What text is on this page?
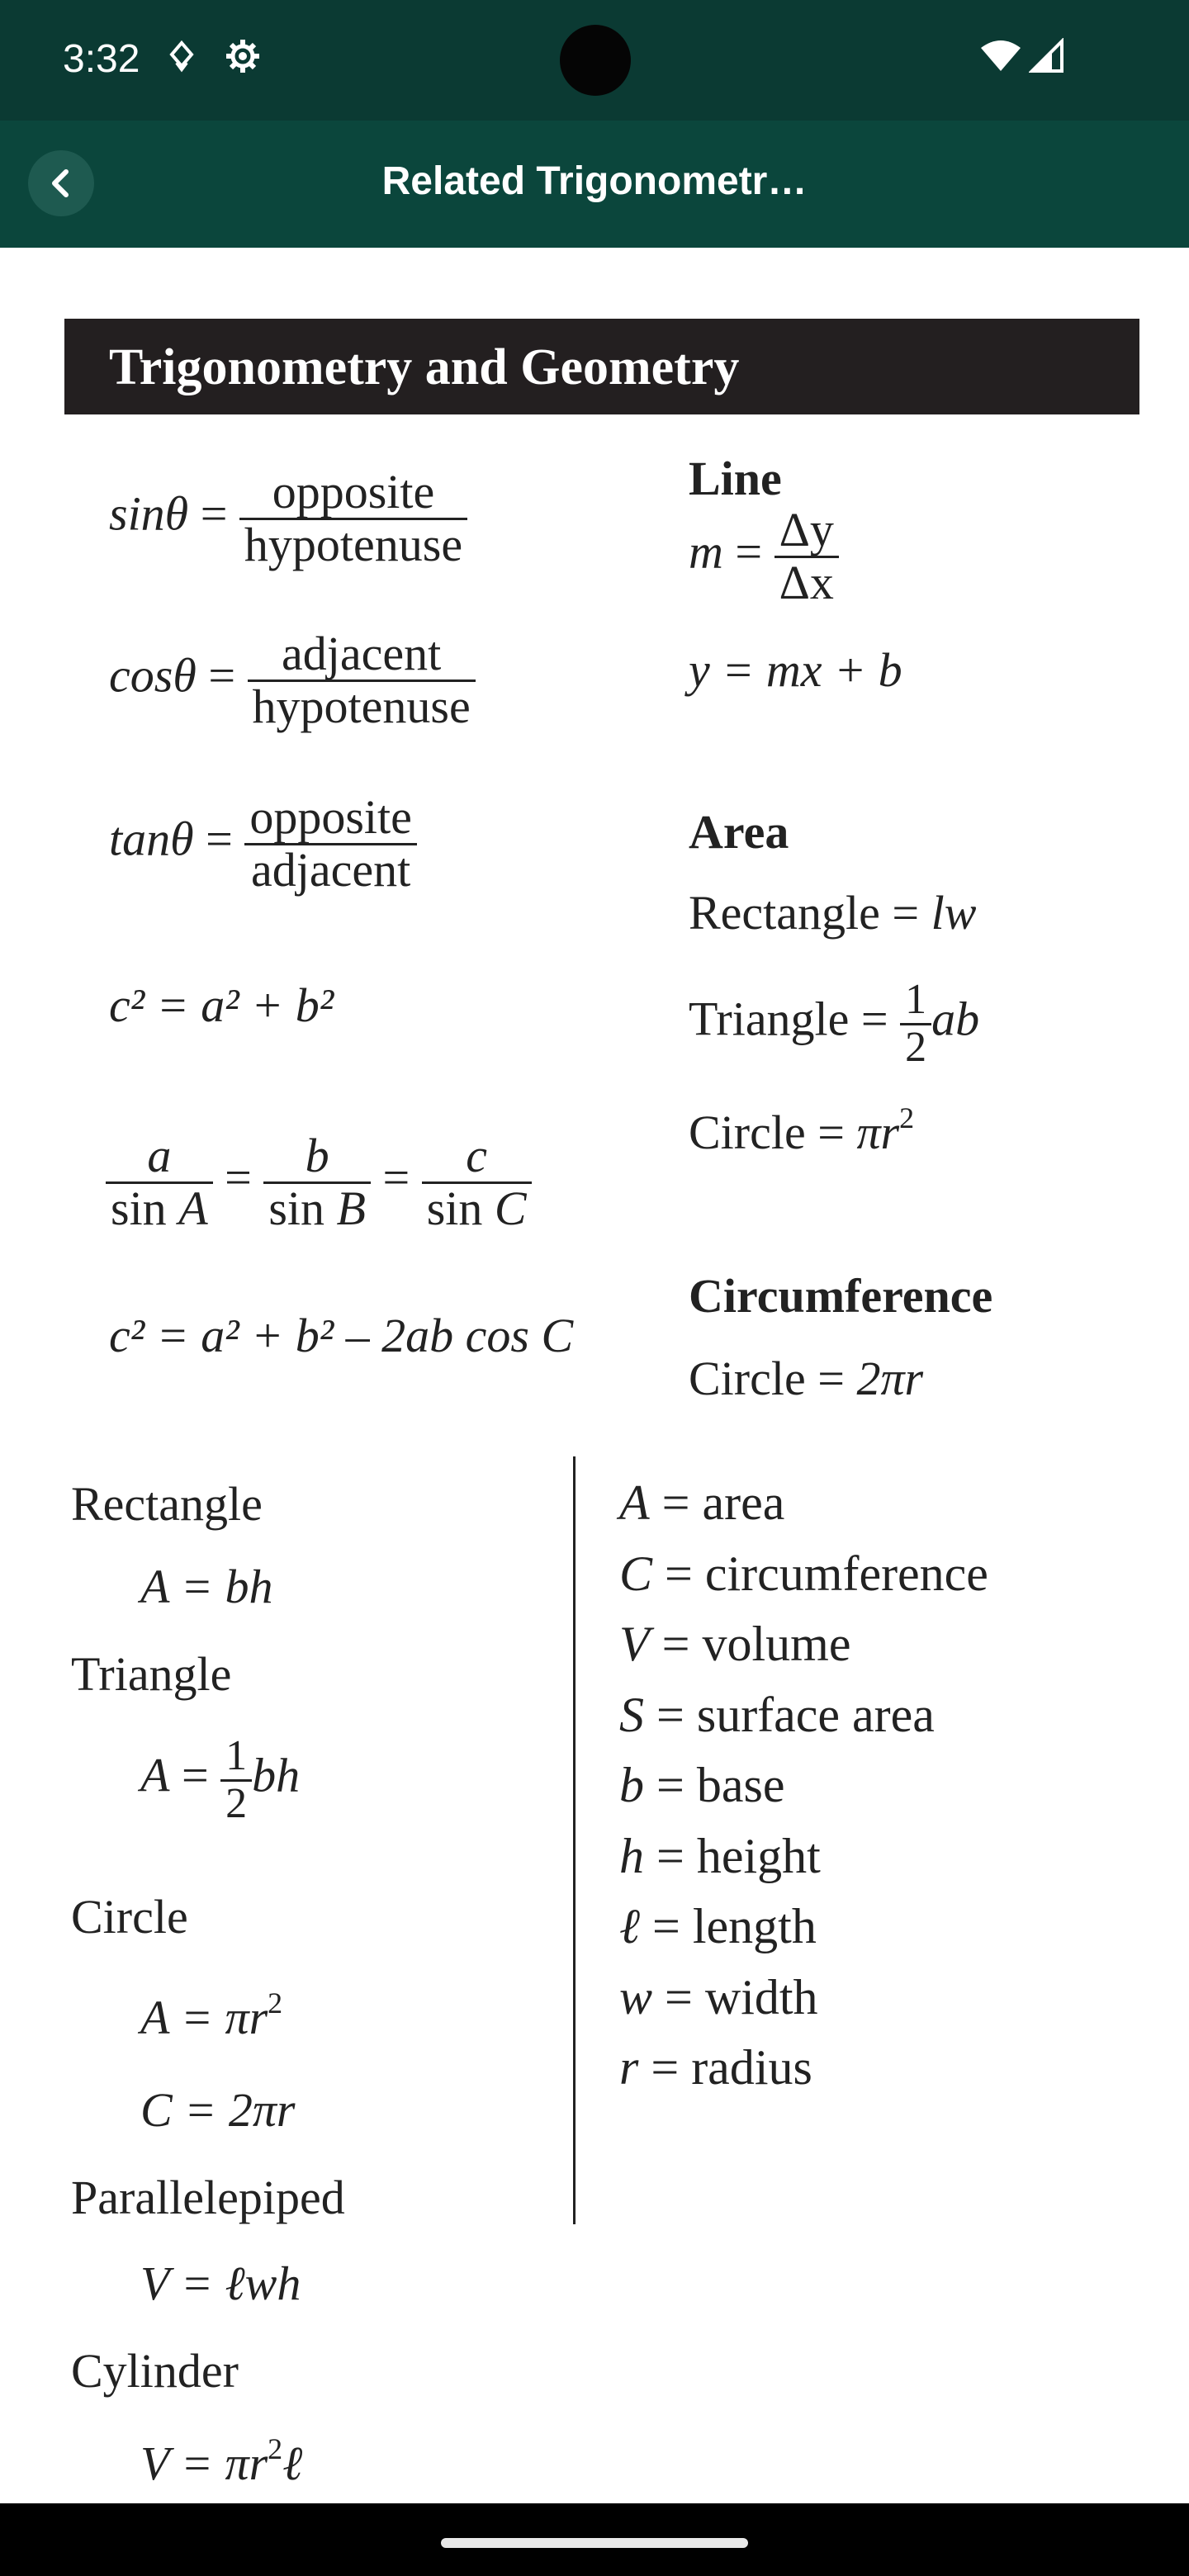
3:32
Related Trigonometr…
Trigonometry and Geometry
$\sin\theta = \frac{\text{opposite}}{\text{hypotenuse}}$
$\cos\theta = \frac{\text{adjacent}}{\text{hypotenuse}}$
$\tan\theta = \frac{\text{opposite}}{\text{adjacent}}$
c² = a² + b²
$\frac{a}{\text{sin A}} = \frac{b}{\text{sin B}} = \frac{c}{\text{sin C}}$
c² = a² + b² – 2ab cos C
Line
$m = \frac{\Delta y}{\Delta x}$
y = mx + b
Area
Rectangle = lw
Triangle = $\frac{1}{2}$ ab
Circle = $\pi r^2$
Circumference
Circle = 2πr
Rectangle
A = bh
Triangle
$A = \frac{1}{2}$ bh
Circle
$A = \pi r^2$
C = 2πr
Parallelepiped
V = ℓwh
Cylinder
$V = \pi r^2\ell$
A = area
C = circumference
V = volume
S = surface area
b = base
h = height
ℓ = length
w = width
r = radius
